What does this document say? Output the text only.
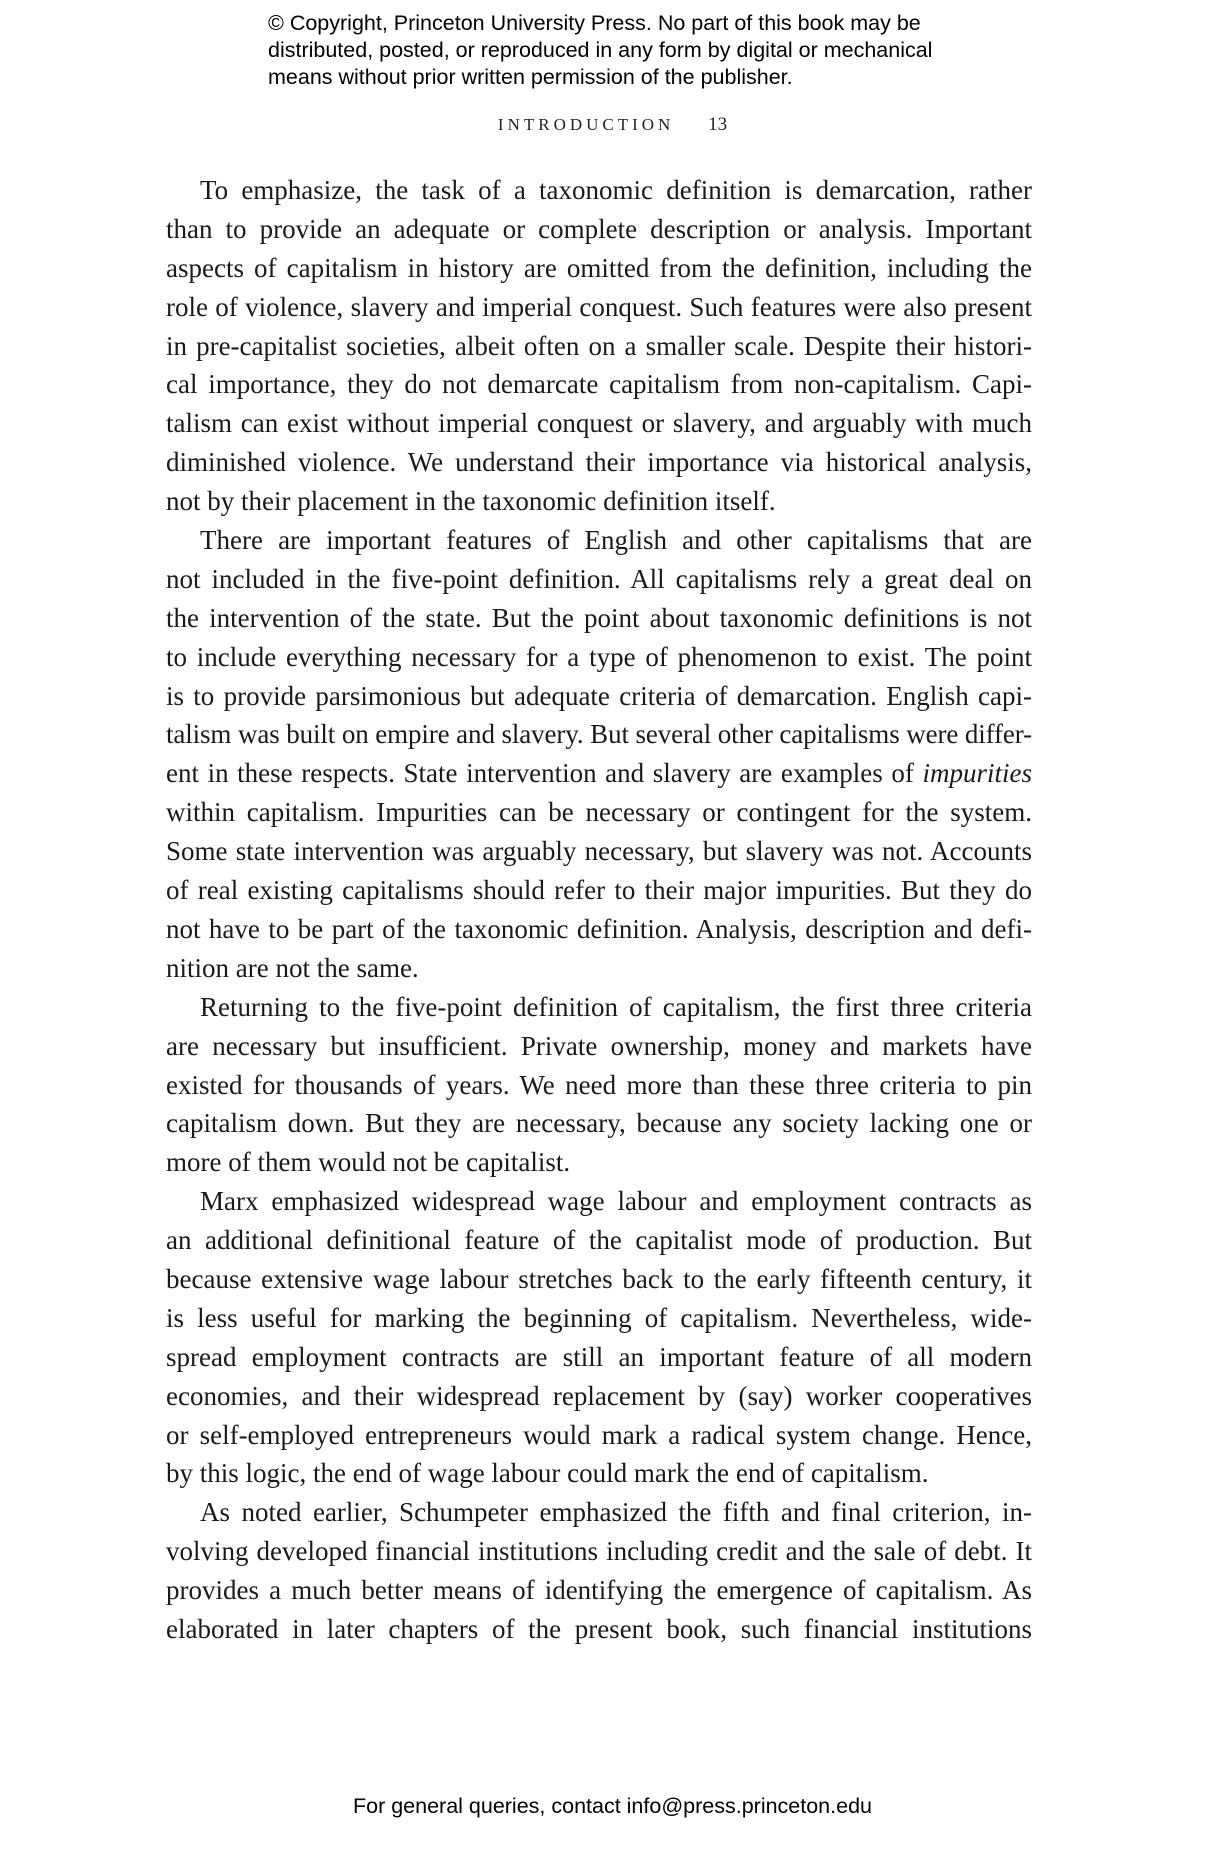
© Copyright, Princeton University Press. No part of this book may be
distributed, posted, or reproduced in any form by digital or mechanical
means without prior written permission of the publisher.
INTRODUCTION 13

To emphasize, the task of a taxonomic definition is demarcation, rather
than to provide an adequate or complete description or analysis. Important
aspects of capitalism in history are omitted from the definition, including the
role of violence, slavery and imperial conquest. Such features were also present
in pre-capitalist societies, albeit often on a smaller scale. Despite their histori-
cal importance, they do not demarcate capitalism from non-capitalism. Capi-
talism can exist without imperial conquest or slavery, and arguably with much
diminished violence. We understand their importance via historical analysis,
not by their placement in the taxonomic definition itself.

There are important features of English and other capitalisms that are
not included in the five-point definition. All capitalisms rely a great deal on
the intervention of the state. But the point about taxonomic definitions is not
to include everything necessary for a type of phenomenon to exist. The point
is to provide parsimonious but adequate criteria of demarcation. English capi-
talism was built on empire and slavery. But several other capitalisms were differ-
ent in these respects. State intervention and slavery are examples of impurities
within capitalism. Impurities can be necessary or contingent for the system.
Some state intervention was arguably necessary, but slavery was not. Accounts
of real existing capitalisms should refer to their major impurities. But they do
not have to be part of the taxonomic definition. Analysis, description and defi-
nition are not the same.

Returning to the five-point definition of capitalism, the first three criteria
are necessary but insufficient. Private ownership, money and markets have
existed for thousands of years. We need more than these three criteria to pin
capitalism down. But they are necessary, because any society lacking one or
more of them would not be capitalist.

Marx emphasized widespread wage labour and employment contracts as
an additional definitional feature of the capitalist mode of production. But
because extensive wage labour stretches back to the early fifteenth century, it
is less useful for marking the beginning of capitalism. Nevertheless, wide-
spread employment contracts are still an important feature of all modern
economies, and their widespread replacement by (say) worker cooperatives
or self-employed entrepreneurs would mark a radical system change. Hence,
by this logic, the end of wage labour could mark the end of capitalism.

As noted earlier, Schumpeter emphasized the fifth and final criterion, in-
volving developed financial institutions including credit and the sale of debt. It
provides a much better means of identifying the emergence of capitalism. As
elaborated in later chapters of the present book, such financial institutions

For general queries, contact info@press.princeton.edu
